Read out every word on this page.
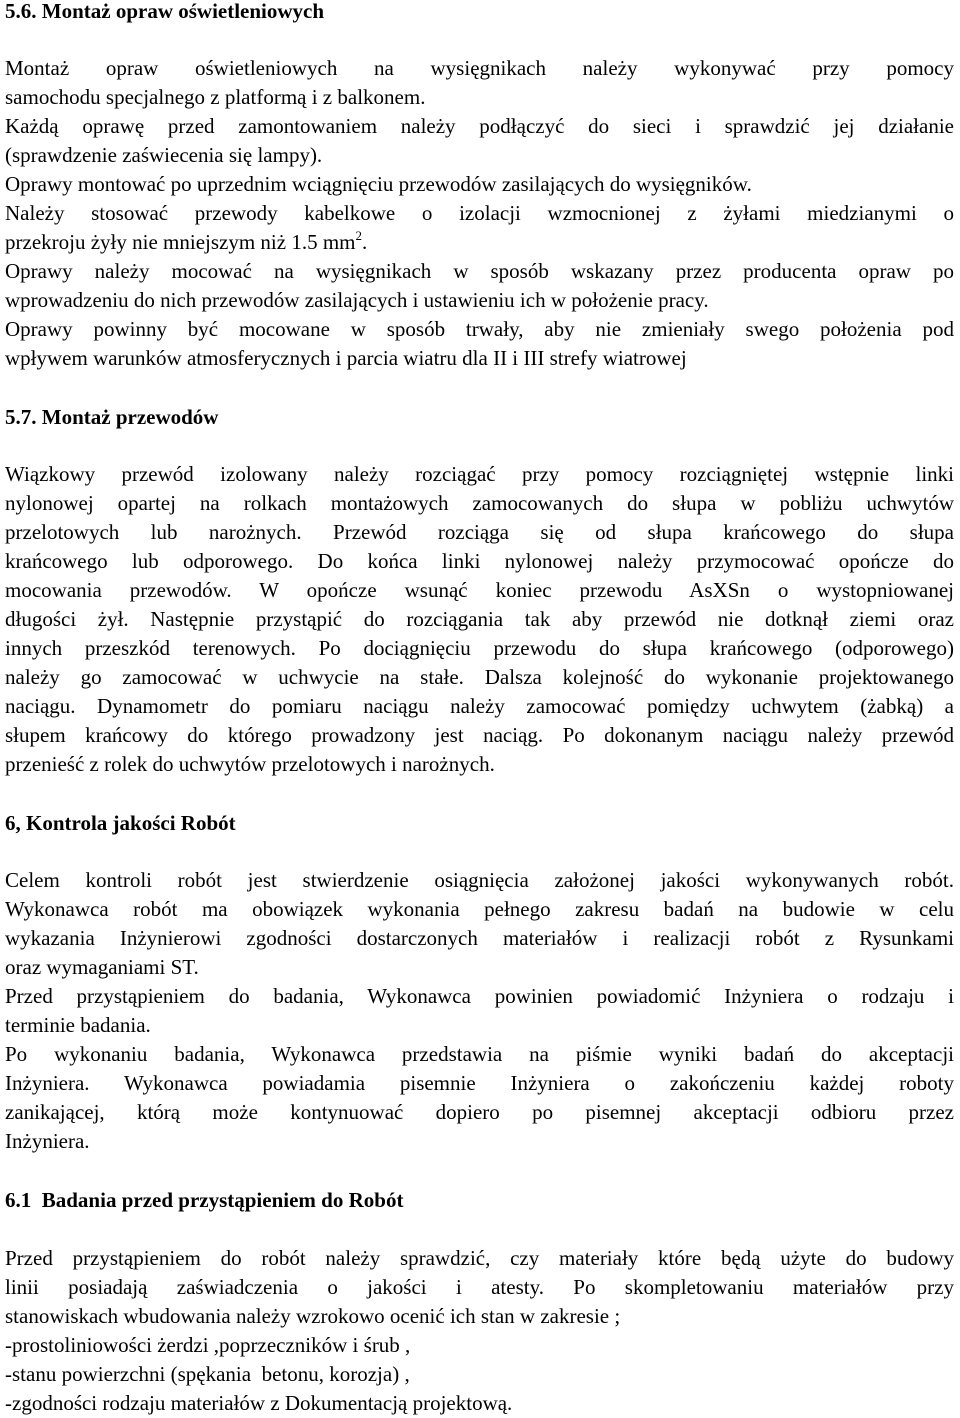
5.6. Montaż opraw oświetleniowych

Montaż opraw oświetleniowych na wysięgnikach należy wykonywać przy pomocy
samochodu specjalnego z platformą i z balkonem.
Każdą oprawę przed zamontowaniem należy podłączyć do sieci i sprawdzić jej działanie
(sprawdzenie zaświecenia się lampy).
Oprawy montować po uprzednim wciągnięciu przewodów zasilających do wysięgników.
Należy stosować przewody kabelkowe o izolacji wzmocnionej z żyłami miedzianymi o
przekroju żyły nie mniejszym niż 1.5 $mm^2$.
Oprawy należy mocować na wysięgnikach w sposób wskazany przez producenta opraw po
wprowadzeniu do nich przewodów zasilających i ustawieniu ich w położenie pracy.
Oprawy powinny być mocowane w sposób trwały, aby nie zmieniały swego położenia pod
wpływem warunków atmosferycznych i parcia wiatru dla II i III strefy wiatrowej

5.7. Montaż przewodów

Wiązkowy przewód izolowany należy rozciągać przy pomocy rozciągniętej wstępnie linki
nylonowej opartej na rolkach montażowych zamocowanych do słupa w pobliżu uchwytów
przelotowych lub narożnych. Przewód rozciąga się od słupa krańcowego do słupa
krańcowego lub odporowego. Do końca linki nylonowej należy przymocować opończe do
mocowania przewodów. W opończe wsunąć koniec przewodu AsXSn o wystopniowanej
długości żył. Następnie przystąpić do rozciągania tak aby przewód nie dotknął ziemi oraz
innych przeszkód terenowych. Po dociągnięciu przewodu do słupa krańcowego (odporowego)
należy go zamocować w uchwycie na stałe. Dalsza kolejność do wykonanie projektowanego
naciągu. Dynamometr do pomiaru naciągu należy zamocować pomiędzy uchwytem (żabką) a
słupem krańcowy do którego prowadzony jest naciąg. Po dokonanym naciągu należy przewód
przenieść z rolek do uchwytów przelotowych i narożnych.

6, Kontrola jakości Robót

Celem kontroli robót jest stwierdzenie osiągnięcia założonej jakości wykonywanych robót.
Wykonawca robót ma obowiązek wykonania pełnego zakresu badań na budowie w celu
wykazania Inżynierowi zgodności dostarczonych materiałów i realizacji robót z Rysunkami
oraz wymaganiami ST.
Przed przystąpieniem do badania, Wykonawca powinien powiadomić Inżyniera o rodzaju i
terminie badania.
Po wykonaniu badania, Wykonawca przedstawia na piśmie wyniki badań do akceptacji
Inżyniera. Wykonawca powiadamia pisemnie Inżyniera o zakończeniu każdej roboty
zanikającej, którą może kontynuować dopiero po pisemnej akceptacji odbioru przez
Inżyniera.

6.1  Badania przed przystąpieniem do Robót

Przed przystąpieniem do robót należy sprawdzić, czy materiały które będą użyte do budowy
linii posiadają zaświadczenia o jakości i atesty. Po skompletowaniu materiałów przy
stanowiskach wbudowania należy wzrokowo ocenić ich stan w zakresie ;
-prostoliniowości żerdzi ,poprzeczników i śrub ,
-stanu powierzchni (spękania  betonu, korozja) ,
-zgodności rodzaju materiałów z Dokumentacją projektową.
